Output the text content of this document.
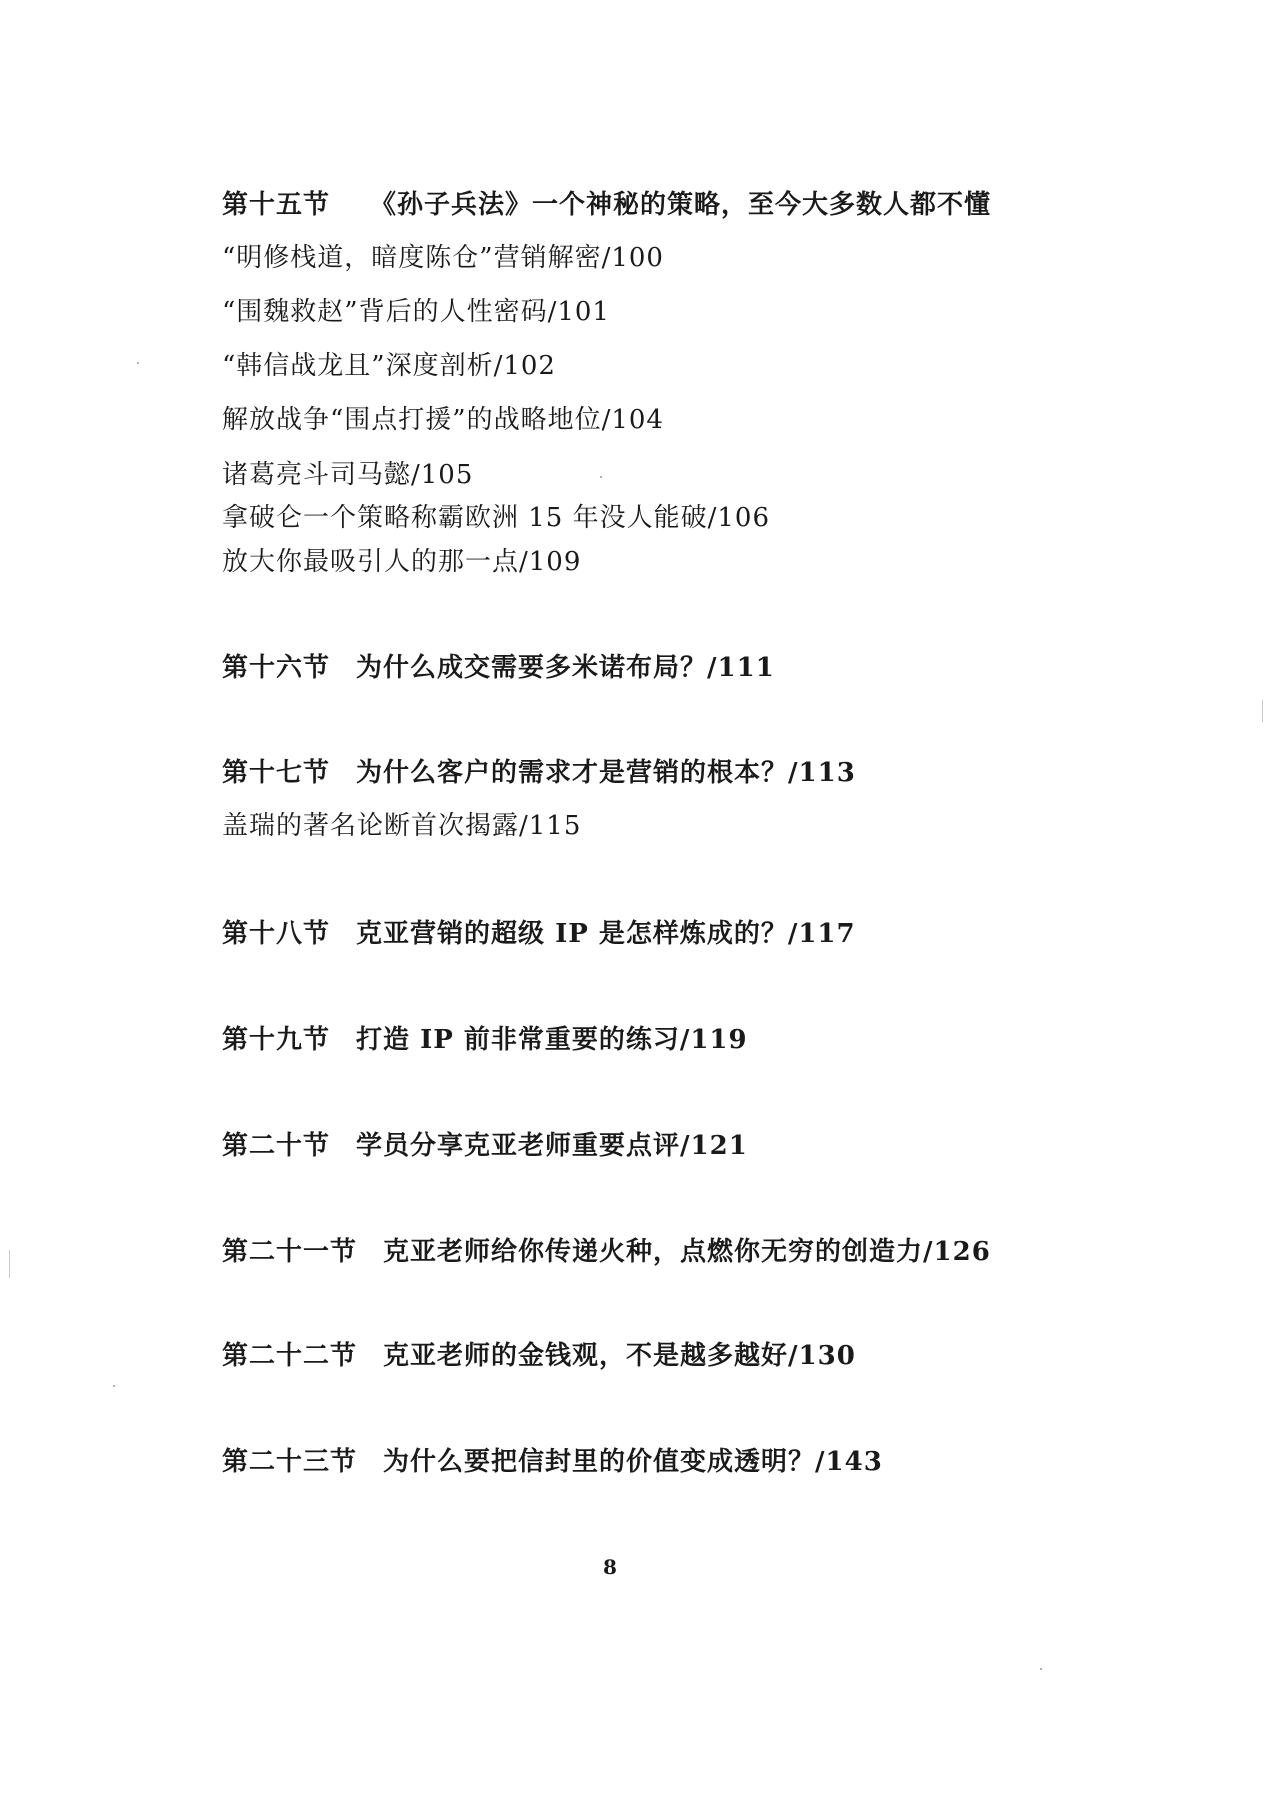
第十五节 《孙子兵法》一个神秘的策略，至今大多数人都不懂
“明修栈道，暗度陈仓”营销解密/100
“围魏救赵”背后的人性密码/101
“韩信战龙且”深度剖析/102
解放战争“围点打援”的战略地位/104
诸葛亮斗司马懿/105
拿破仑一个策略称霸欧洲 15 年没人能破/106
放大你最吸引人的那一点/109
第十六节 为什么成交需要多米诺布局？/111
第十七节 为什么客户的需求才是营销的根本？/113
盖瑞的著名论断首次揭露/115
第十八节 克亚营销的超级 IP 是怎样炼成的？/117
第十九节 打造 IP 前非常重要的练习/119
第二十节 学员分享克亚老师重要点评/121
第二十一节 克亚老师给你传递火种，点燃你无穷的创造力/126
第二十二节 克亚老师的金钱观，不是越多越好/130
第二十三节 为什么要把信封里的价值变成透明？/143
8
